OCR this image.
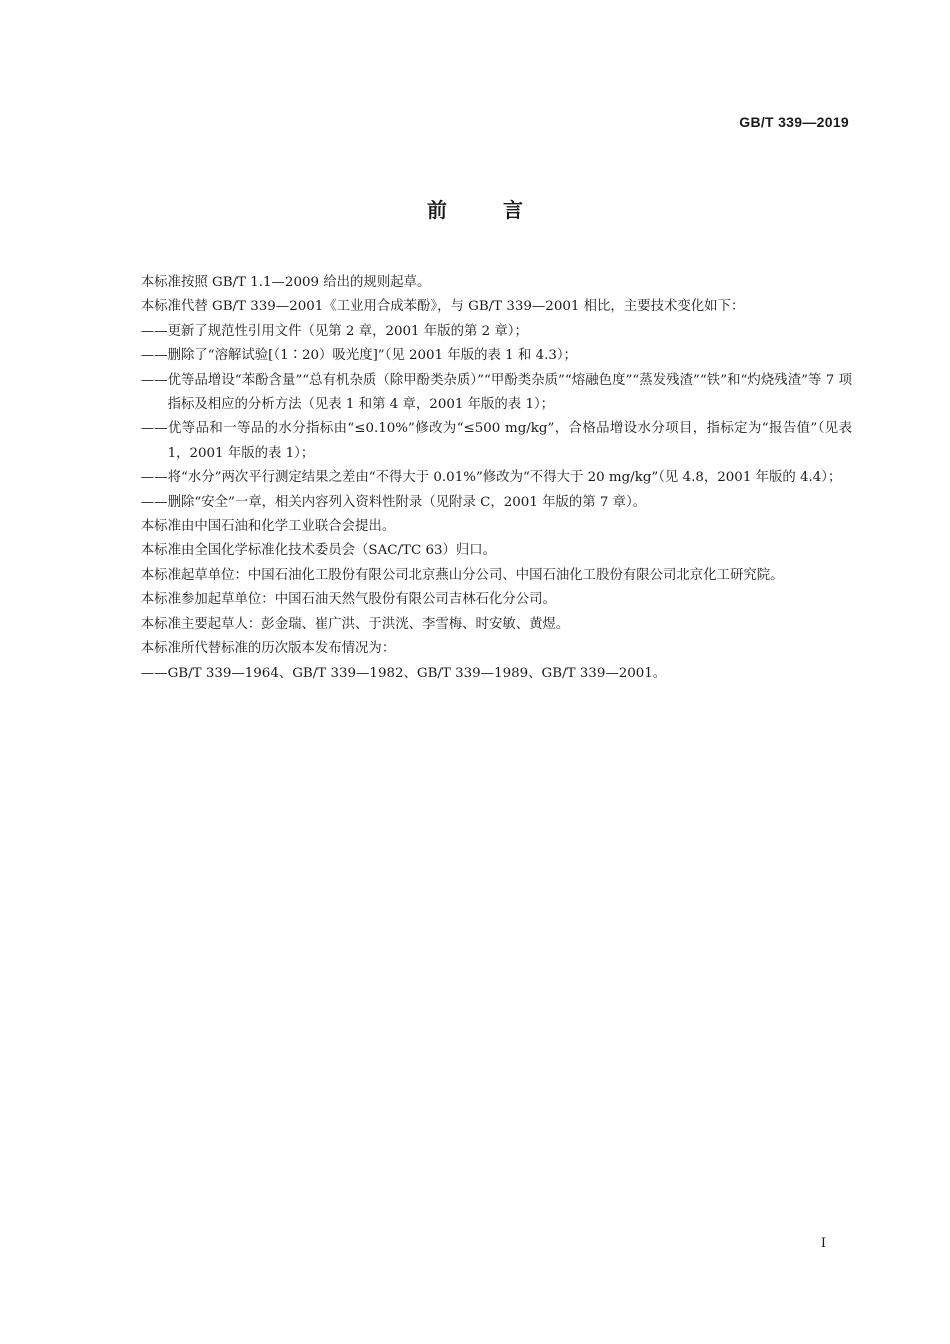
GB/T 339—2019
前言

本标准按照 GB/T 1.1—2009 给出的规则起草。

本标准代替 GB/T 339—2001《工业用合成苯酚》，与 GB/T 339—2001 相比，主要技术变化如下：

——更新了规范性引用文件（见第 2 章，2001 年版的第 2 章）；

——删除了“溶解试验[（1∶20）吸光度]”（见 2001 年版的表 1 和 4.3）；

——优等品增设“苯酚含量”“总有机杂质（除甲酚类杂质）”“甲酚类杂质”“熔融色度”“蒸发残渣”“铁”和“灼烧残渣”等 7 项指标及相应的分析方法（见表 1 和第 4 章，2001 年版的表 1）；

——优等品和一等品的水分指标由“≤0.10%”修改为“≤500 mg/kg”，合格品增设水分项目，指标定为“报告值”（见表 1，2001 年版的表 1）；

——将“水分”两次平行测定结果之差由“不得大于 0.01%”修改为“不得大于 20 mg/kg”（见 4.8，2001 年版的 4.4）；

——删除“安全”一章，相关内容列入资料性附录（见附录 C，2001 年版的第 7 章）。

本标准由中国石油和化学工业联合会提出。

本标准由全国化学标准化技术委员会（SAC/TC 63）归口。

本标准起草单位：中国石油化工股份有限公司北京燕山分公司、中国石油化工股份有限公司北京化工研究院。

本标准参加起草单位：中国石油天然气股份有限公司吉林石化分公司。

本标准主要起草人：彭金瑞、崔广洪、于洪洸、李雪梅、时安敏、黄煜。

本标准所代替标准的历次版本发布情况为：

——GB/T 339—1964、GB/T 339—1982、GB/T 339—1989、GB/T 339—2001。

I
